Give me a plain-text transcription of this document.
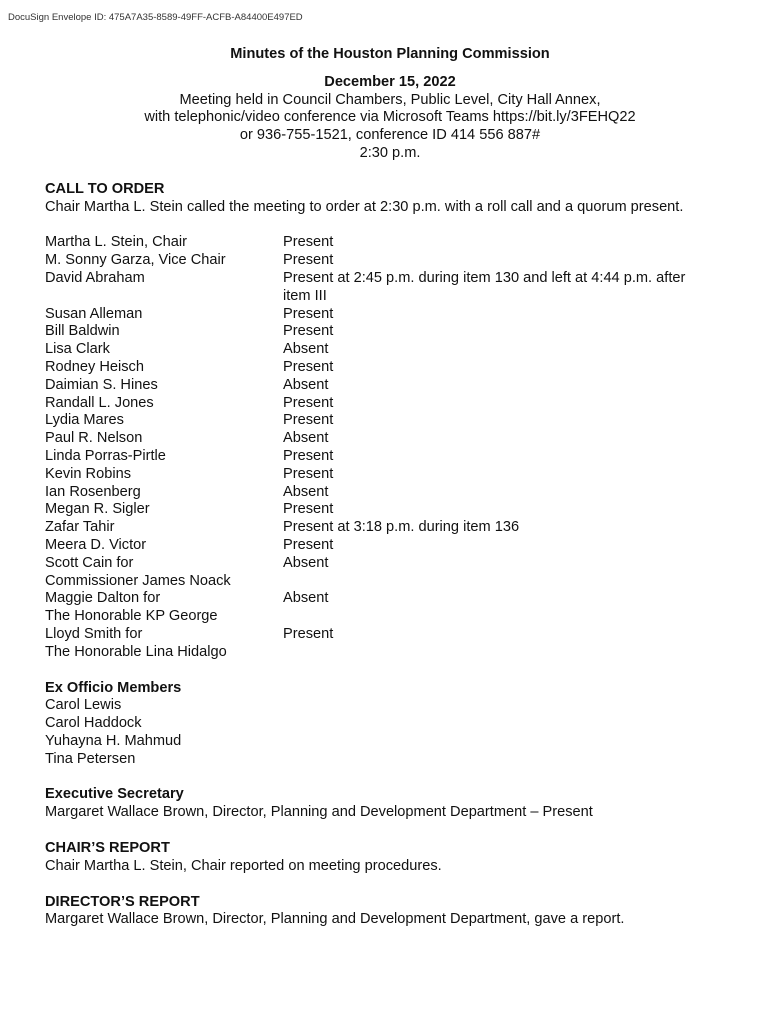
DocuSign Envelope ID: 475A7A35-8589-49FF-ACFB-A84400E497ED
Minutes of the Houston Planning Commission
December 15, 2022
Meeting held in Council Chambers, Public Level, City Hall Annex,
with telephonic/video conference via Microsoft Teams https://bit.ly/3FEHQ22
or 936-755-1521, conference ID 414 556 887#
2:30 p.m.
CALL TO ORDER
Chair Martha L. Stein called the meeting to order at 2:30 p.m. with a roll call and a quorum present.
Martha L. Stein, Chair	Present
M. Sonny Garza, Vice Chair	Present
David Abraham	Present at 2:45 p.m. during item 130 and left at 4:44 p.m. after
item III
Susan Alleman	Present
Bill Baldwin	Present
Lisa Clark	Absent
Rodney Heisch	Present
Daimian S. Hines	Absent
Randall L. Jones	Present
Lydia Mares	Present
Paul R. Nelson	Absent
Linda Porras-Pirtle	Present
Kevin Robins	Present
Ian Rosenberg	Absent
Megan R. Sigler	Present
Zafar Tahir	Present at 3:18 p.m. during item 136
Meera D. Victor	Present
Scott Cain for	Absent
Commissioner James Noack
Maggie Dalton for	Absent
The Honorable KP George
Lloyd Smith for	Present
The Honorable Lina Hidalgo
Ex Officio Members
Carol Lewis
Carol Haddock
Yuhayna H. Mahmud
Tina Petersen
Executive Secretary
Margaret Wallace Brown, Director, Planning and Development Department – Present
CHAIR’S REPORT
Chair Martha L. Stein, Chair reported on meeting procedures.
DIRECTOR’S REPORT
Margaret Wallace Brown, Director, Planning and Development Department, gave a report.
